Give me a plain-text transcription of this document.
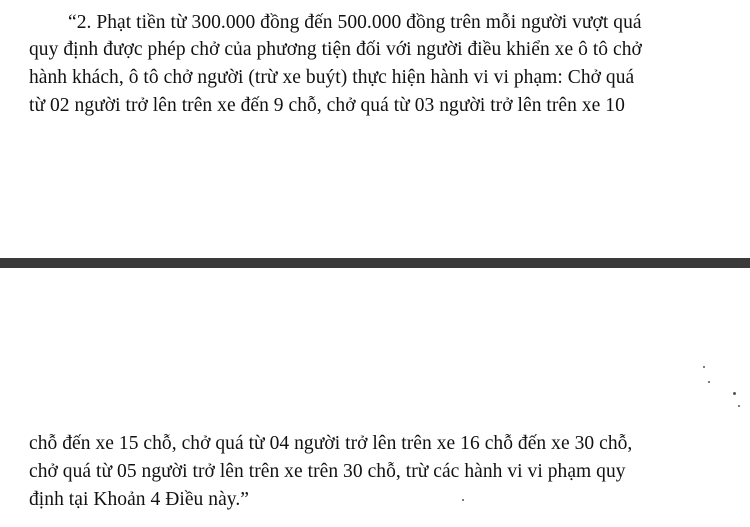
“2. Phạt tiền từ 300.000 đồng đến 500.000 đồng trên mỗi người vượt quá
quy định được phép chở của phương tiện đối với người điều khiển xe ô tô chở
hành khách, ô tô chở người (trừ xe buýt) thực hiện hành vi vi phạm: Chở quá
từ 02 người trở lên trên xe đến 9 chỗ, chở quá từ 03 người trở lên trên xe 10
chỗ đến xe 15 chỗ, chở quá từ 04 người trở lên trên xe 16 chỗ đến xe 30 chỗ,
chở quá từ 05 người trở lên trên xe trên 30 chỗ, trừ các hành vi vi phạm quy
định tại Khoản 4 Điều này.”
